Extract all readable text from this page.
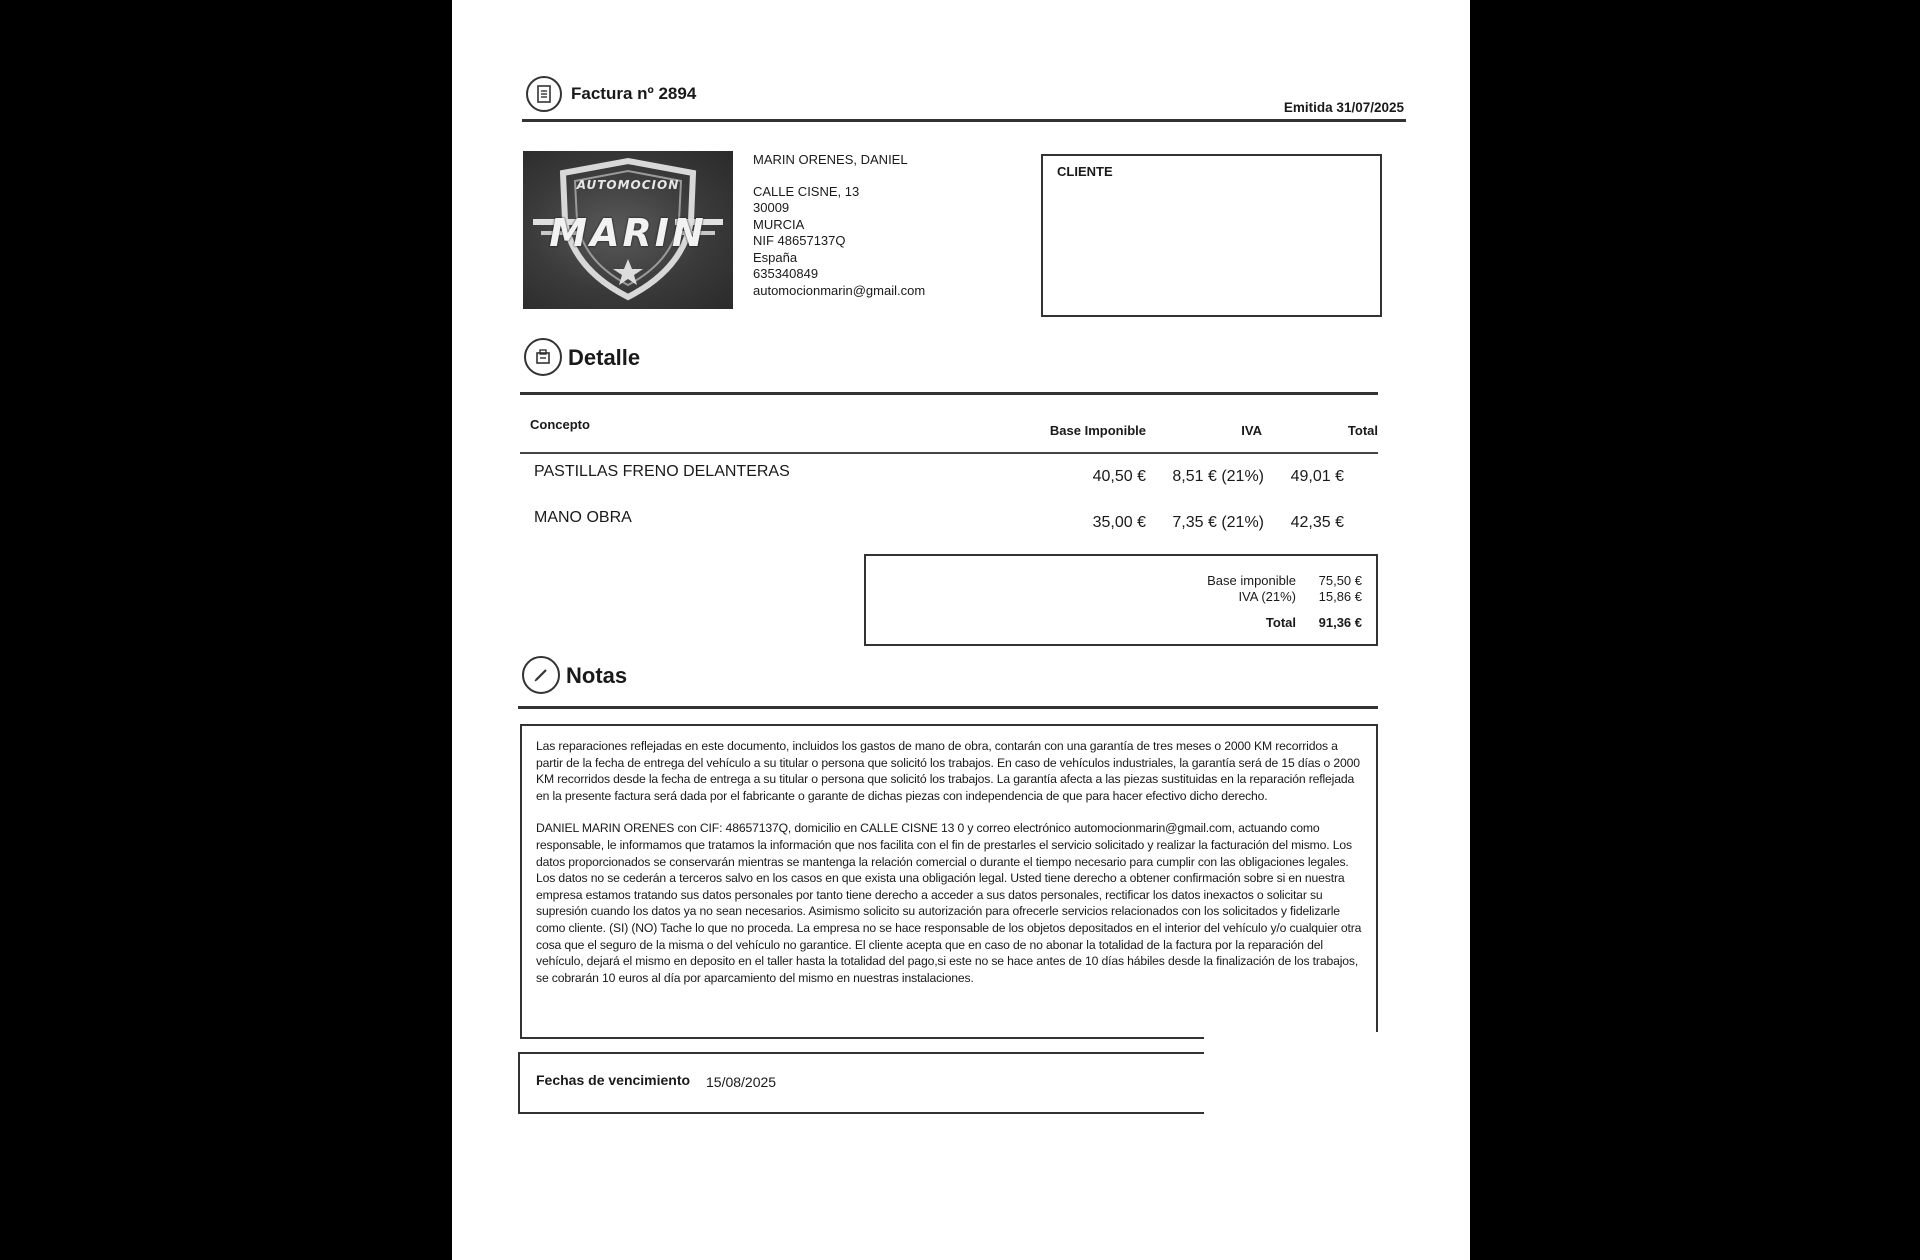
Factura nº 2894
Emitida 31/07/2025
AUTOMOCION
MARIN
MARIN ORENES, DANIEL
CALLE CISNE, 13
30009
MURCIA
NIF 48657137Q
España
635340849
automocionmarin@gmail.com
CLIENTE
Detalle
Concepto	Base Imponible	IVA	Total
PASTILLAS FRENO DELANTERAS	40,50 €	8,51 € (21%)	49,01 €
MANO OBRA	35,00 €	7,35 € (21%)	42,35 €
Base imponible	75,50 €
IVA (21%)	15,86 €
Total	91,36 €
Notas

Las reparaciones reflejadas en este documento, incluidos los gastos de mano de obra, contarán con una garantía de tres meses o 2000 KM recorridos a partir de la fecha de entrega del vehículo a su titular o persona que solicitó los trabajos. En caso de vehículos industriales, la garantía será de 15 días o 2000 KM recorridos desde la fecha de entrega a su titular o persona que solicitó los trabajos. La garantía afecta a las piezas sustituidas en la reparación reflejada en la presente factura será dada por el fabricante o garante de dichas piezas con independencia de que para hacer efectivo dicho derecho.

DANIEL MARIN ORENES con CIF: 48657137Q, domicilio en CALLE CISNE 13 0 y correo electrónico automocionmarin@gmail.com, actuando como responsable, le informamos que tratamos la información que nos facilita con el fin de prestarles el servicio solicitado y realizar la facturación del mismo. Los datos proporcionados se conservarán mientras se mantenga la relación comercial o durante el tiempo necesario para cumplir con las obligaciones legales. Los datos no se cederán a terceros salvo en los casos en que exista una obligación legal. Usted tiene derecho a obtener confirmación sobre si en nuestra empresa estamos tratando sus datos personales por tanto tiene derecho a acceder a sus datos personales, rectificar los datos inexactos o solicitar su supresión cuando los datos ya no sean necesarios. Asimismo solicito su autorización para ofrecerle servicios relacionados con los solicitados y fidelizarle como cliente. (SI) (NO) Tache lo que no proceda. La empresa no se hace responsable de los objetos depositados en el interior del vehículo y/o cualquier otra cosa que el seguro de la misma o del vehículo no garantice. El cliente acepta que en caso de no abonar la totalidad de la factura por la reparación del vehículo, dejará el mismo en deposito en el taller hasta la totalidad del pago,si este no se hace antes de 10 días hábiles desde la finalización de los trabajos, se cobrarán 10 euros al día por aparcamiento del mismo en nuestras instalaciones.

Fechas de vencimiento 15/08/2025
